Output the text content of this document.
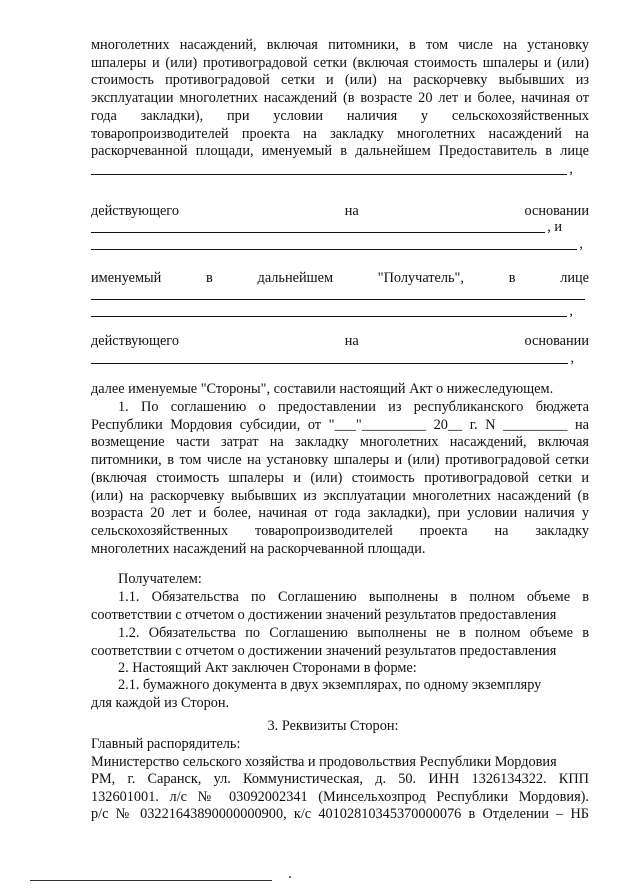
многолетних насаждений, включая питомники, в том числе на установку
шпалеры и (или) противоградовой сетки (включая стоимость шпалеры и (или)
стоимость противоградовой сетки и (или) на раскорчевку выбывших из
эксплуатации многолетних насаждений (в возрасте 20 лет и более, начиная от
года закладки), при условии наличия у сельскохозяйственных
товаропроизводителей проекта на закладку многолетних насаждений на
раскорчеванной площади, именуемый в дальнейшем Предоставитель в лице
,
действующего	на	основании
, и
,
именуемый	в	дальнейшем	"Получатель",	в	лице
,
действующего	на	основании
,
далее именуемые "Стороны", составили настоящий Акт о нижеследующем.
1. По соглашению о предоставлении из республиканского бюджета
Республики Мордовия субсидии, от "___"_________ 20__ г. N _________ на
возмещение части затрат на закладку многолетних насаждений, включая
питомники, в том числе на установку шпалеры и (или) противоградовой сетки
(включая стоимость шпалеры и (или) стоимость противоградовой сетки и
(или) на раскорчевку выбывших из эксплуатации многолетних насаждений (в
возраста 20 лет и более, начиная от года закладки), при условии наличия у
сельскохозяйственных товаропроизводителей проекта на закладку
многолетних насаждений на раскорчеванной площади.
Получателем:
1.1. Обязательства по Соглашению выполнены в полном объеме в
соответствии с отчетом о достижении значений результатов предоставления
1.2. Обязательства по Соглашению выполнены не в полном объеме в
соответствии с отчетом о достижении значений результатов предоставления
2. Настоящий Акт заключен Сторонами в форме:
2.1. бумажного документа в двух экземплярах, по одному экземпляру
для каждой из Сторон.
3. Реквизиты Сторон:
Главный распорядитель:
Министерство сельского хозяйства и продовольствия Республики Мордовия
РМ, г. Саранск, ул. Коммунистическая, д. 50. ИНН 1326134322. КПП
132601001. л/с № 03092002341 (Минсельхозпрод Республики Мордовия).
р/с № 03221643890000000900, к/с 40102810345370000076 в Отделении – НБ
